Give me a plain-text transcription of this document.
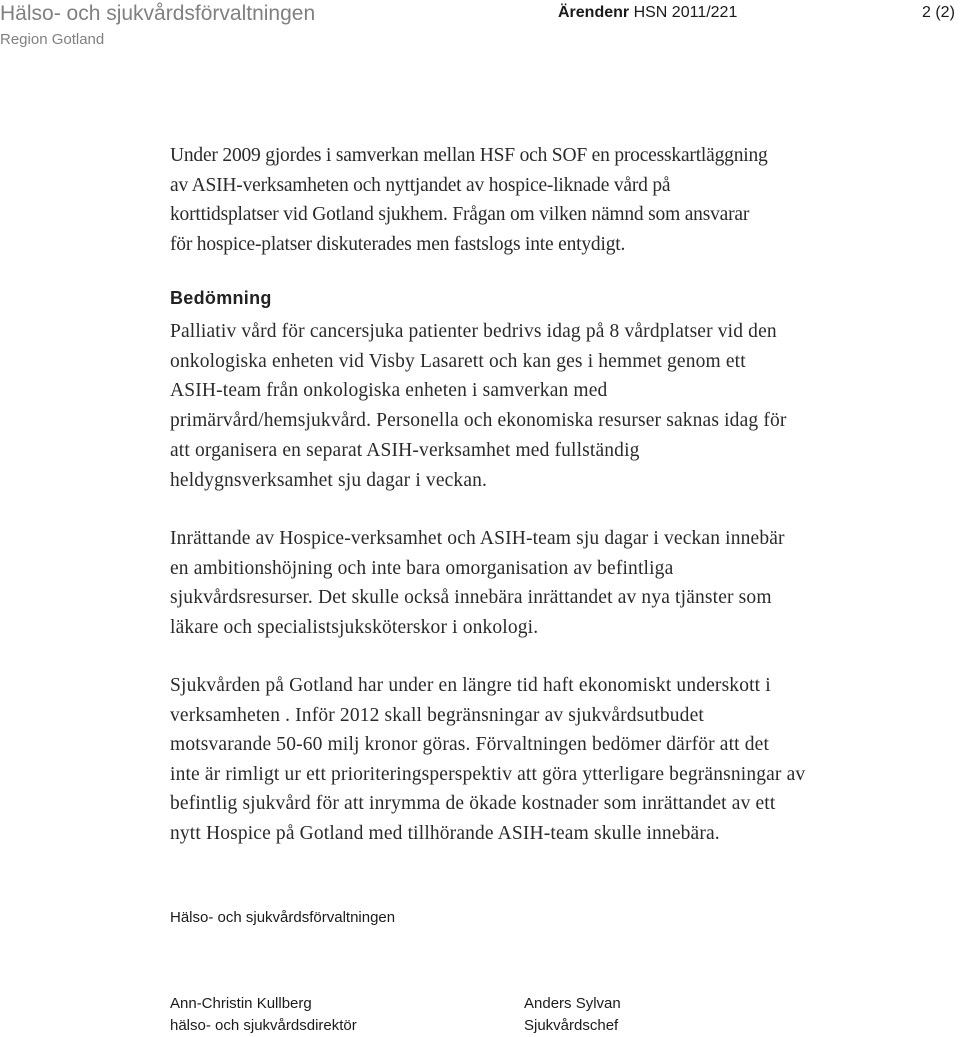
Hälso- och sjukvårdsförvaltningen
Region Gotland
Ärendenr HSN 2011/221	2 (2)
Under 2009 gjordes i samverkan mellan HSF och SOF en processkartläggning
av ASIH-verksamheten och nyttjandet av hospice-liknade vård på
korttidsplatser vid Gotland sjukhem. Frågan om vilken nämnd som ansvarar
för hospice-platser diskuterades men fastslogs inte entydigt.
Bedömning
Palliativ vård för cancersjuka patienter bedrivs idag på 8 vårdplatser vid den
onkologiska enheten vid Visby Lasarett och kan ges i hemmet genom ett
ASIH-team från onkologiska enheten i samverkan med
primärvård/hemsjukvård. Personella och ekonomiska resurser saknas idag för
att organisera en separat ASIH-verksamhet med fullständig
heldygnsverksamhet sju dagar i veckan.
Inrättande av Hospice-verksamhet och ASIH-team sju dagar i veckan innebär
en ambitionshöjning och inte bara omorganisation av befintliga
sjukvårdsresurser. Det skulle också innebära inrättandet av nya tjänster som
läkare och specialistsjuksköterskor i onkologi.
Sjukvården på Gotland har under en längre tid haft ekonomiskt underskott i
verksamheten . Inför 2012 skall begränsningar av sjukvårdsutbudet
motsvarande 50-60 milj kronor göras. Förvaltningen bedömer därför att det
inte är rimligt ur ett prioriteringsperspektiv att göra ytterligare begränsningar av
befintlig sjukvård för att inrymma de ökade kostnader som inrättandet av ett
nytt Hospice på Gotland med tillhörande ASIH-team skulle innebära.
Hälso- och sjukvårdsförvaltningen
Ann-Christin Kullberg
hälso- och sjukvårdsdirektör
Anders Sylvan
Sjukvårdschef
